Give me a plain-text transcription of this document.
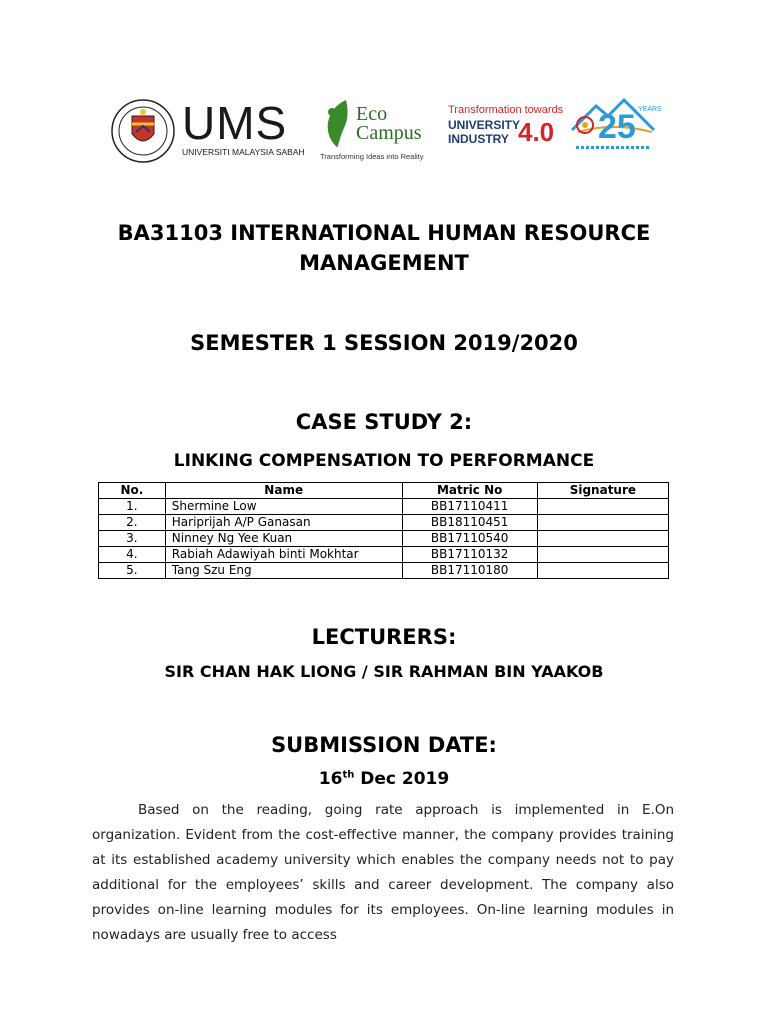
UMS
UNIVERSITI MALAYSIA SABAH
Eco
Campus
Transforming Ideas into Reality
Transformation towards
UNIVERSITY
INDUSTRY 4.0 25 YEARS
BA31103 INTERNATIONAL HUMAN RESOURCE
MANAGEMENT
SEMESTER 1 SESSION 2019/2020
CASE STUDY 2:
LINKING COMPENSATION TO PERFORMANCE
No.	Name	Matric No	Signature
1.	Shermine Low	BB17110411	
2.	Hariprijah A/P Ganasan	BB18110451	
3.	Ninney Ng Yee Kuan	BB17110540	
4.	Rabiah Adawiyah binti Mokhtar	BB17110132	
5.	Tang Szu Eng	BB17110180	
LECTURERS:
SIR CHAN HAK LIONG / SIR RAHMAN BIN YAAKOB
SUBMISSION DATE:
16th Dec 2019

Based on the reading, going rate approach is implemented in E.On organization. Evident from the cost-effective manner, the company provides training at its established academy university which enables the company needs not to pay additional for the employees’ skills and career development. The company also provides on-line learning modules for its employees. On-line learning modules in nowadays are usually free to access
